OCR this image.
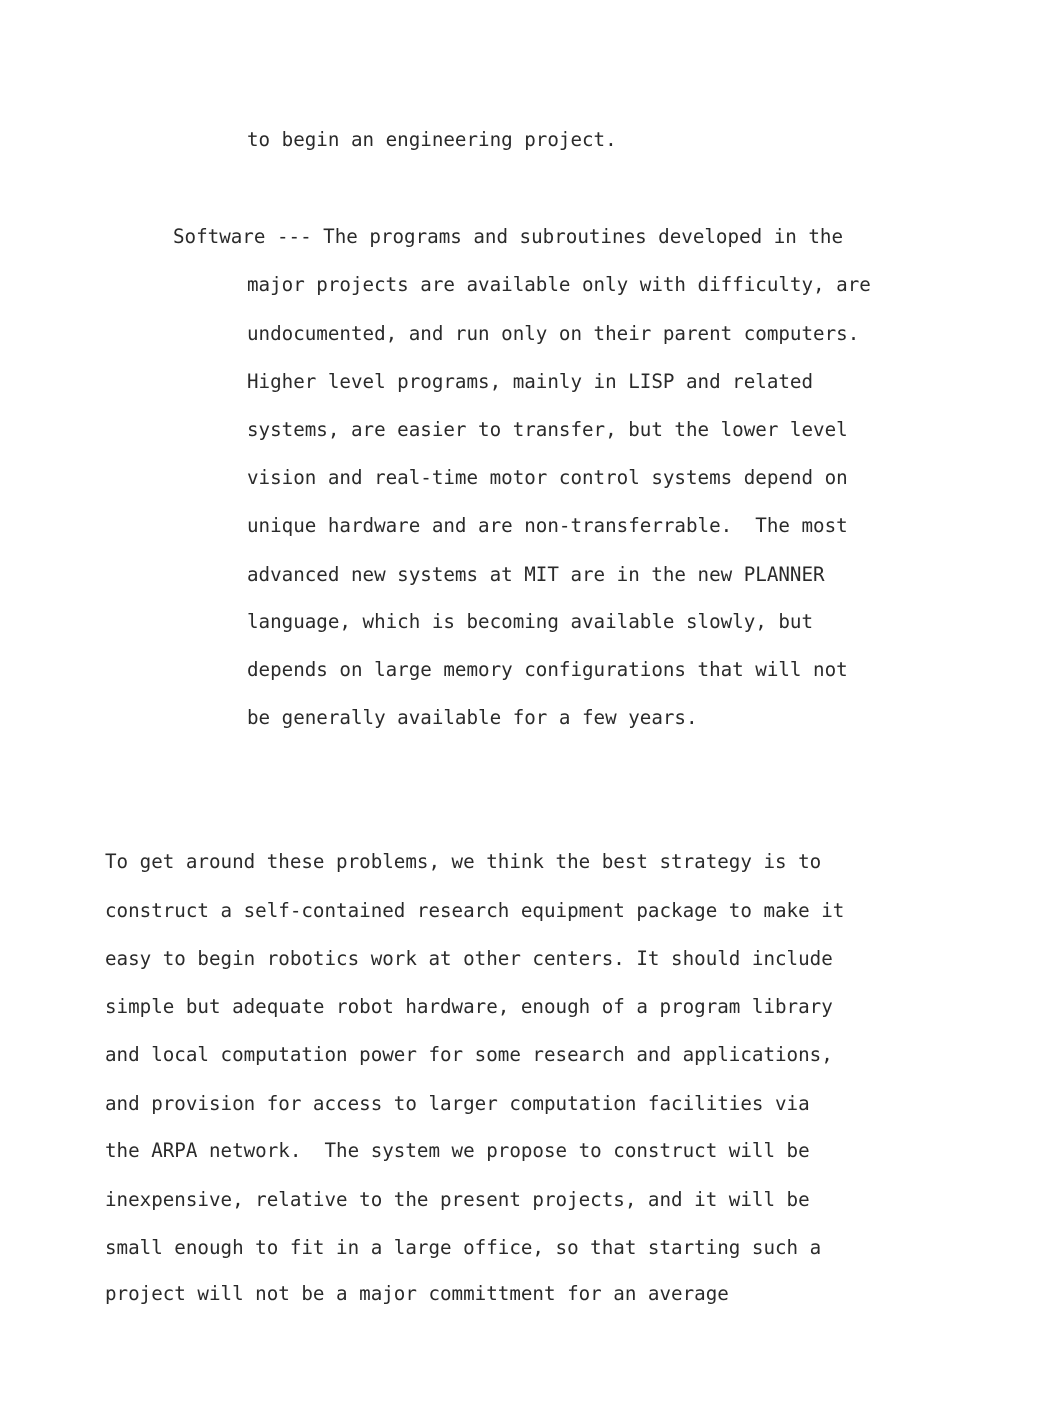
to begin an engineering project.
Software --- The programs and subroutines developed in the
major projects are available only with difficulty, are
undocumented, and run only on their parent computers.
Higher level programs, mainly in LISP and related
systems, are easier to transfer, but the lower level
vision and real-time motor control systems depend on
unique hardware and are non-transferrable.  The most
advanced new systems at MIT are in the new PLANNER
language, which is becoming available slowly, but
depends on large memory configurations that will not
be generally available for a few years.
To get around these problems, we think the best strategy is to
construct a self-contained research equipment package to make it
easy to begin robotics work at other centers. It should include
simple but adequate robot hardware, enough of a program library
and local computation power for some research and applications,
and provision for access to larger computation facilities via
the ARPA network.  The system we propose to construct will be
inexpensive, relative to the present projects, and it will be
small enough to fit in a large office, so that starting such a
project will not be a major committment for an average
